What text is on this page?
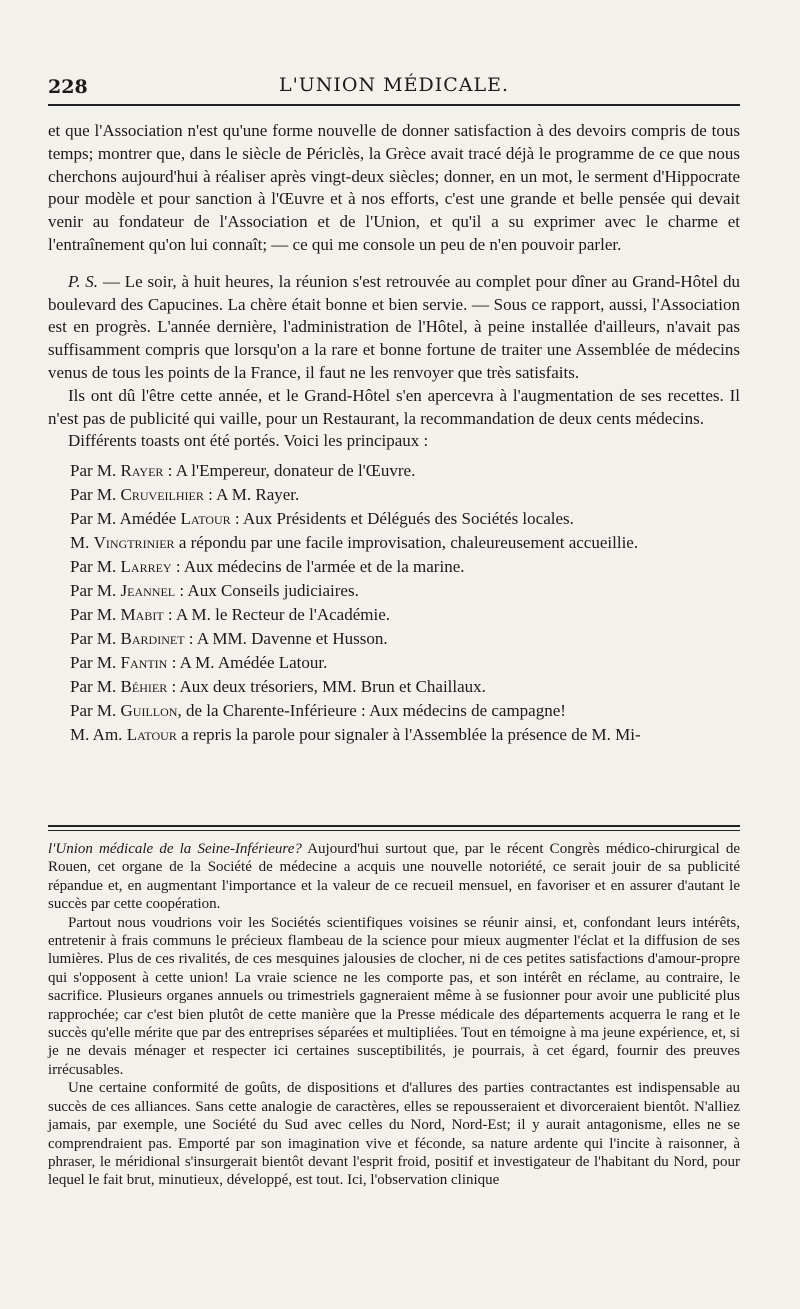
228	L'UNION MÉDICALE.

et que l'Association n'est qu'une forme nouvelle de donner satisfaction à des devoirs compris de tous temps; montrer que, dans le siècle de Périclès, la Grèce avait tracé déjà le programme de ce que nous cherchons aujourd'hui à réaliser après vingt-deux siècles; donner, en un mot, le serment d'Hippocrate pour modèle et pour sanction à l'Œuvre et à nos efforts, c'est une grande et belle pensée qui devait venir au fondateur de l'Association et de l'Union, et qu'il a su exprimer avec le charme et l'entraînement qu'on lui connaît; — ce qui me console un peu de n'en pouvoir parler.

P. S. — Le soir, à huit heures, la réunion s'est retrouvée au complet pour dîner au Grand-Hôtel du boulevard des Capucines. La chère était bonne et bien servie. — Sous ce rapport, aussi, l'Association est en progrès. L'année dernière, l'administration de l'Hôtel, à peine installée d'ailleurs, n'avait pas suffisamment compris que lorsqu'on a la rare et bonne fortune de traiter une Assemblée de médecins venus de tous les points de la France, il faut ne les renvoyer que très satisfaits.

Ils ont dû l'être cette année, et le Grand-Hôtel s'en apercevra à l'augmentation de ses recettes. Il n'est pas de publicité qui vaille, pour un Restaurant, la recommandation de deux cents médecins.

Différents toasts ont été portés. Voici les principaux :

Par M. Rayer : A l'Empereur, donateur de l'Œuvre.

Par M. Cruveilhier : A M. Rayer.

Par M. Amédée Latour : Aux Présidents et Délégués des Sociétés locales.

M. Vingtrinier a répondu par une facile improvisation, chaleureusement accueillie.

Par M. Larrey : Aux médecins de l'armée et de la marine.

Par M. Jeannel : Aux Conseils judiciaires.

Par M. Mabit : A M. le Recteur de l'Académie.

Par M. Bardinet : A MM. Davenne et Husson.

Par M. Fantin : A M. Amédée Latour.

Par M. Béhier : Aux deux trésoriers, MM. Brun et Chaillaux.

Par M. Guillon, de la Charente-Inférieure : Aux médecins de campagne!

M. Am. Latour a repris la parole pour signaler à l'Assemblée la présence de M. Mi-

l'Union médicale de la Seine-Inférieure? Aujourd'hui surtout que, par le récent Congrès médico-chirurgical de Rouen, cet organe de la Société de médecine a acquis une nouvelle notoriété, ce serait jouir de sa publicité répandue et, en augmentant l'importance et la valeur de ce recueil mensuel, en favoriser et en assurer d'autant le succès par cette coopération.

Partout nous voudrions voir les Sociétés scientifiques voisines se réunir ainsi, et, confondant leurs intérêts, entretenir à frais communs le précieux flambeau de la science pour mieux augmenter l'éclat et la diffusion de ses lumières. Plus de ces rivalités, de ces mesquines jalousies de clocher, ni de ces petites satisfactions d'amour-propre qui s'opposent à cette union! La vraie science ne les comporte pas, et son intérêt en réclame, au contraire, le sacrifice. Plusieurs organes annuels ou trimestriels gagneraient même à se fusionner pour avoir une publicité plus rapprochée; car c'est bien plutôt de cette manière que la Presse médicale des départements acquerra le rang et le succès qu'elle mérite que par des entreprises séparées et multipliées. Tout en témoigne à ma jeune expérience, et, si je ne devais ménager et respecter ici certaines susceptibilités, je pourrais, à cet égard, fournir des preuves irrécusables.

Une certaine conformité de goûts, de dispositions et d'allures des parties contractantes est indispensable au succès de ces alliances. Sans cette analogie de caractères, elles se repousseraient et divorceraient bientôt. N'alliez jamais, par exemple, une Société du Sud avec celles du Nord, Nord-Est; il y aurait antagonisme, elles ne se comprendraient pas. Emporté par son imagination vive et féconde, sa nature ardente qui l'incite à raisonner, à phraser, le méridional s'insurgerait bientôt devant l'esprit froid, positif et investigateur de l'habitant du Nord, pour lequel le fait brut, minutieux, développé, est tout. Ici, l'observation clinique
